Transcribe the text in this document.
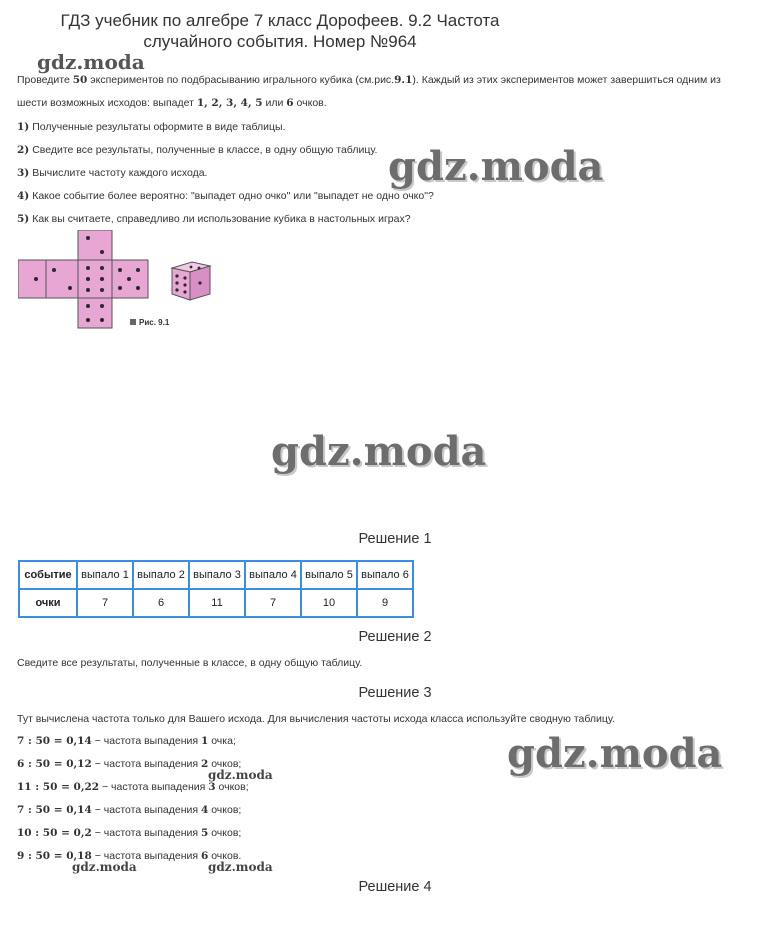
ГДЗ учебник по алгебре 7 класс Дорофеев. 9.2 Частота случайного события. Номер №964
gdz.moda
gdz.moda
gdz.moda
gdz.moda
gdz.moda
gdz.moda	gdz.moda
Проведите 50 экспериментов по подбрасыванию игрального кубика (см.рис.9.1). Каждый из этих экспериментов может завершиться одним из
шести возможных исходов: выпадет 1, 2, 3, 4, 5 или 6 очков.
1) Полученные результаты оформите в виде таблицы.
2) Сведите все результаты, полученные в классе, в одну общую таблицу.
3) Вычислите частоту каждого исхода.
4) Какое событие более вероятно: "выпадет одно очко" или "выпадет не одно очко"?
5) Как вы считаете, справедливо ли использование кубика в настольных играх?
Рис. 9.1
Решение 1
событие	выпало 1	выпало 2	выпало 3	выпало 4	выпало 5	выпало 6
очки	7	6	11	7	10	9
Решение 2
Сведите все результаты, полученные в классе, в одну общую таблицу.
Решение 3
Тут вычислена частота только для Вашего исхода. Для вычисления частоты исхода класса используйте сводную таблицу.
7 : 50 = 0,14 − частота выпадения 1 очка;
6 : 50 = 0,12 − частота выпадения 2 очков;
11 : 50 = 0,22 − частота выпадения 3 очков;
7 : 50 = 0,14 − частота выпадения 4 очков;
10 : 50 = 0,2 − частота выпадения 5 очков;
9 : 50 = 0,18 − частота выпадения 6 очков.
Решение 4
